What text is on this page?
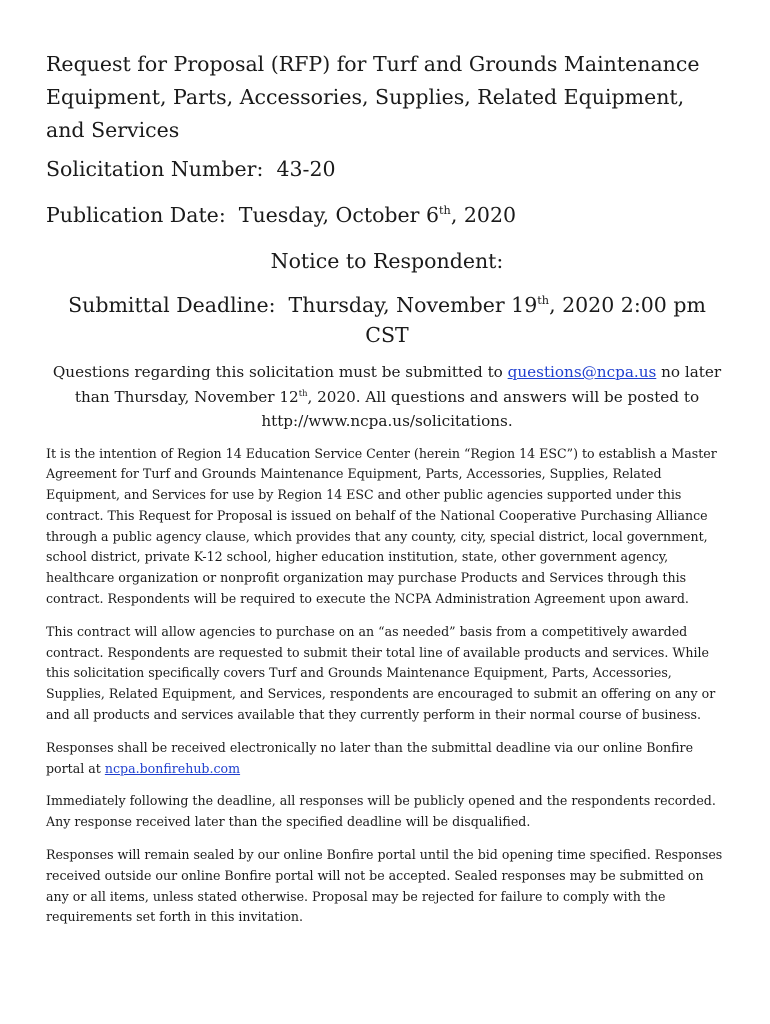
Request for Proposal (RFP) for Turf and Grounds Maintenance Equipment, Parts, Accessories, Supplies, Related Equipment, and Services

Solicitation Number: 43-20

Publication Date: Tuesday, October 6th, 2020

Notice to Respondent:

Submittal Deadline: Thursday, November 19th, 2020 2:00 pm CST

Questions regarding this solicitation must be submitted to questions@ncpa.us no later than Thursday, November 12th, 2020. All questions and answers will be posted to http://www.ncpa.us/solicitations.

It is the intention of Region 14 Education Service Center (herein “Region 14 ESC”) to establish a Master Agreement for Turf and Grounds Maintenance Equipment, Parts, Accessories, Supplies, Related Equipment, and Services for use by Region 14 ESC and other public agencies supported under this contract. This Request for Proposal is issued on behalf of the National Cooperative Purchasing Alliance through a public agency clause, which provides that any county, city, special district, local government, school district, private K-12 school, higher education institution, state, other government agency, healthcare organization or nonprofit organization may purchase Products and Services through this contract. Respondents will be required to execute the NCPA Administration Agreement upon award.

This contract will allow agencies to purchase on an “as needed” basis from a competitively awarded contract. Respondents are requested to submit their total line of available products and services. While this solicitation specifically covers Turf and Grounds Maintenance Equipment, Parts, Accessories, Supplies, Related Equipment, and Services, respondents are encouraged to submit an offering on any or and all products and services available that they currently perform in their normal course of business.

Responses shall be received electronically no later than the submittal deadline via our online Bonfire portal at ncpa.bonfirehub.com

Immediately following the deadline, all responses will be publicly opened and the respondents recorded. Any response received later than the specified deadline will be disqualified.

Responses will remain sealed by our online Bonfire portal until the bid opening time specified. Responses received outside our online Bonfire portal will not be accepted. Sealed responses may be submitted on any or all items, unless stated otherwise. Proposal may be rejected for failure to comply with the requirements set forth in this invitation.
